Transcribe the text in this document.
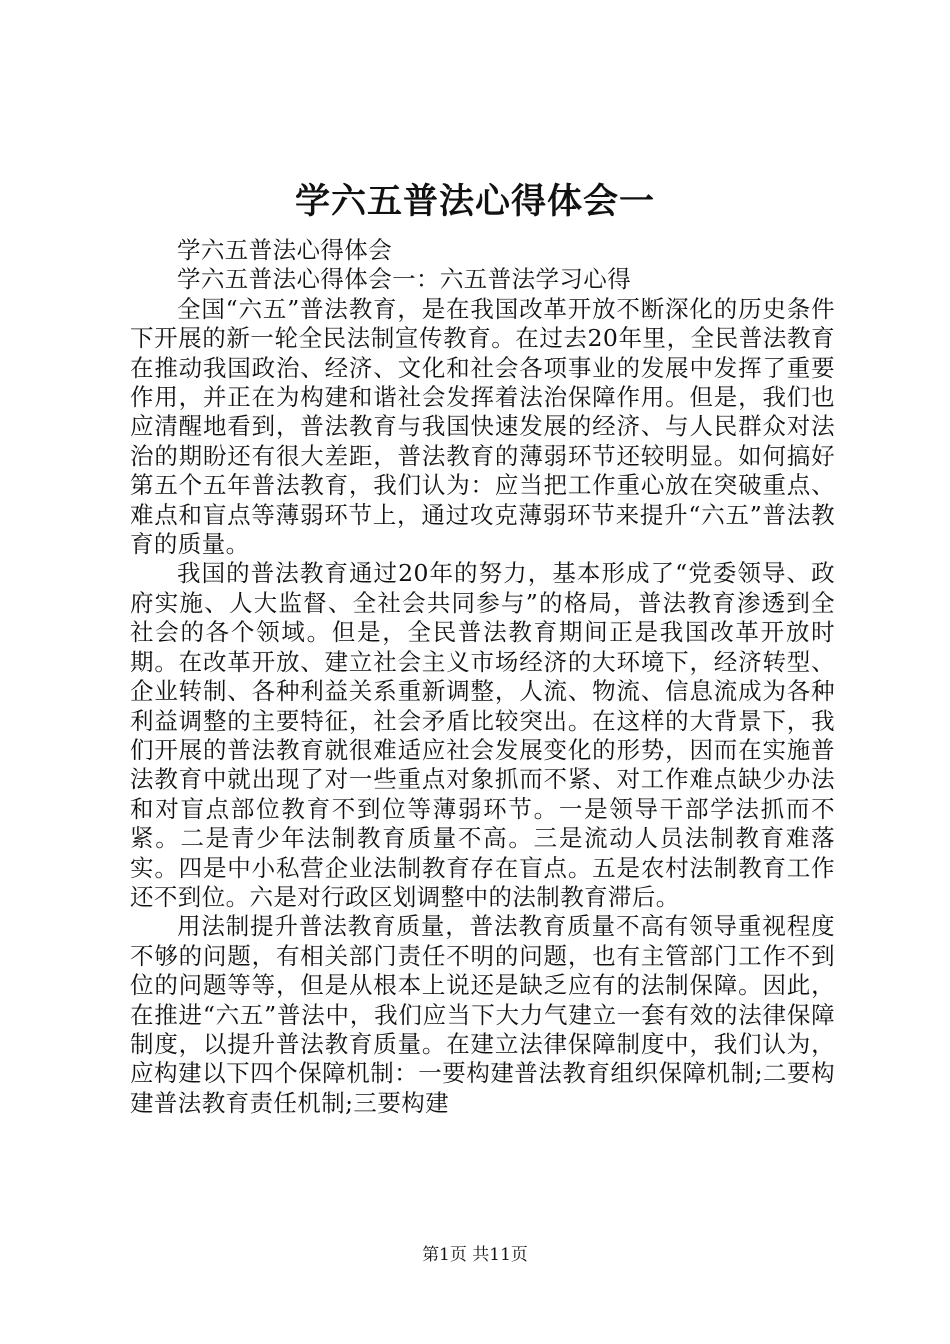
学六五普法心得体会一

学六五普法心得体会

学六五普法心得体会一：六五普法学习心得

全国“六五”普法教育，是在我国改革开放不断深化的历史条件下开展的新一轮全民法制宣传教育。在过去20年里，全民普法教育在推动我国政治、经济、文化和社会各项事业的发展中发挥了重要作用，并正在为构建和谐社会发挥着法治保障作用。但是，我们也应清醒地看到，普法教育与我国快速发展的经济、与人民群众对法治的期盼还有很大差距，普法教育的薄弱环节还较明显。如何搞好第五个五年普法教育，我们认为：应当把工作重心放在突破重点、难点和盲点等薄弱环节上，通过攻克薄弱环节来提升“六五”普法教育的质量。

我国的普法教育通过20年的努力，基本形成了“党委领导、政府实施、人大监督、全社会共同参与”的格局，普法教育渗透到全社会的各个领域。但是，全民普法教育期间正是我国改革开放时期。在改革开放、建立社会主义市场经济的大环境下，经济转型、企业转制、各种利益关系重新调整，人流、物流、信息流成为各种利益调整的主要特征，社会矛盾比较突出。在这样的大背景下，我们开展的普法教育就很难适应社会发展变化的形势，因而在实施普法教育中就出现了对一些重点对象抓而不紧、对工作难点缺少办法和对盲点部位教育不到位等薄弱环节。一是领导干部学法抓而不紧。二是青少年法制教育质量不高。三是流动人员法制教育难落实。四是中小私营企业法制教育存在盲点。五是农村法制教育工作还不到位。六是对行政区划调整中的法制教育滞后。

用法制提升普法教育质量，普法教育质量不高有领导重视程度不够的问题，有相关部门责任不明的问题，也有主管部门工作不到位的问题等等，但是从根本上说还是缺乏应有的法制保障。因此，在推进“六五”普法中，我们应当下大力气建立一套有效的法律保障制度，以提升普法教育质量。在建立法律保障制度中，我们认为，应构建以下四个保障机制：一要构建普法教育组织保障机制;二要构建普法教育责任机制;三要构建

第1页 共11页
